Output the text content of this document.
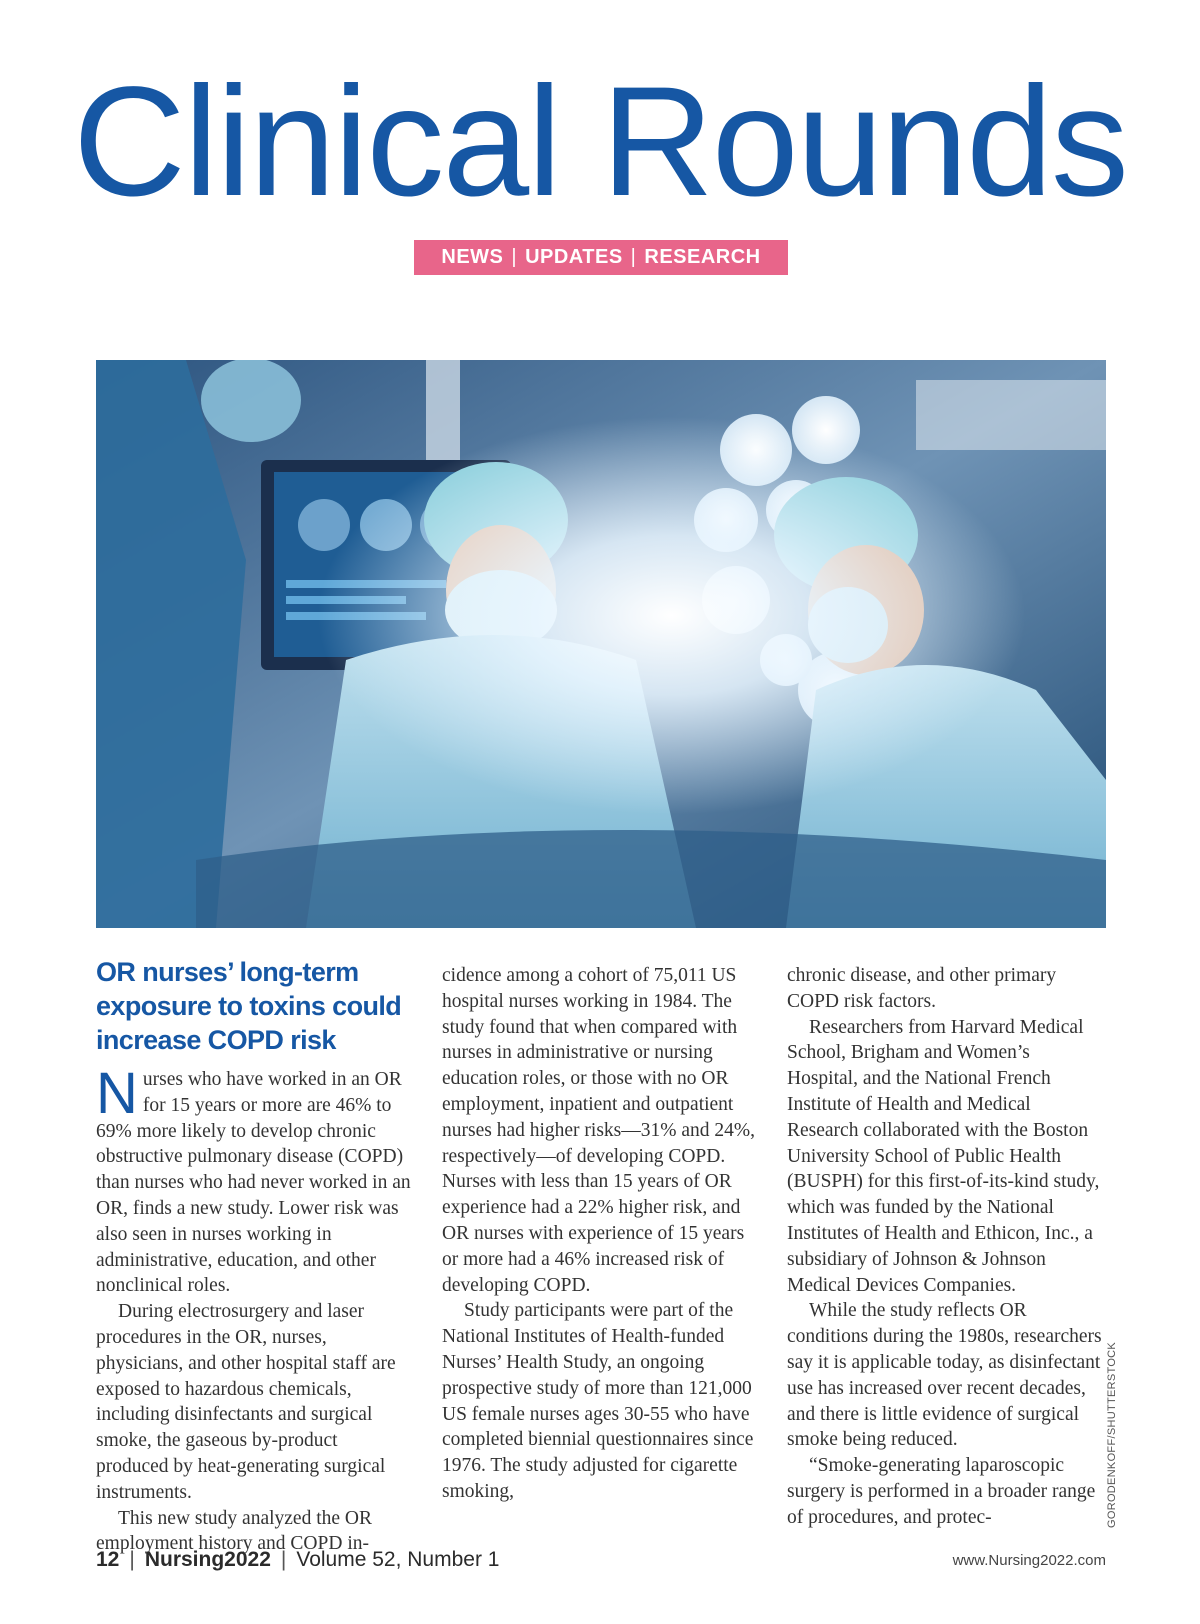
Clinical Rounds
NEWS | UPDATES | RESEARCH
OR nurses’ long-term exposure to toxins could increase COPD risk

Nurses who have worked in an OR for 15 years or more are 46% to 69% more likely to develop chronic obstructive pulmonary disease (COPD) than nurses who had never worked in an OR, finds a new study. Lower risk was also seen in nurses working in administrative, education, and other nonclinical roles.

During electrosurgery and laser procedures in the OR, nurses, physicians, and other hospital staff are exposed to hazardous chemicals, including disinfectants and surgical smoke, the gaseous by-product produced by heat-generating surgical instruments.

This new study analyzed the OR employment history and COPD in-

cidence among a cohort of 75,011 US hospital nurses working in 1984. The study found that when compared with nurses in administrative or nursing education roles, or those with no OR employment, inpatient and outpatient nurses had higher risks—31% and 24%, respectively—of developing COPD. Nurses with less than 15 years of OR experience had a 22% higher risk, and OR nurses with experience of 15 years or more had a 46% increased risk of developing COPD.

Study participants were part of the National Institutes of Health-funded Nurses’ Health Study, an ongoing prospective study of more than 121,000 US female nurses ages 30-55 who have completed biennial questionnaires since 1976. The study adjusted for cigarette smoking,

chronic disease, and other primary COPD risk factors.

Researchers from Harvard Medical School, Brigham and Women’s Hospital, and the National French Institute of Health and Medical Research collaborated with the Boston University School of Public Health (BUSPH) for this first-of-its-kind study, which was funded by the National Institutes of Health and Ethicon, Inc., a subsidiary of Johnson & Johnson Medical Devices Companies.

While the study reflects OR conditions during the 1980s, researchers say it is applicable today, as disinfectant use has increased over recent decades, and there is little evidence of surgical smoke being reduced.

“Smoke-generating laparoscopic surgery is performed in a broader range of procedures, and protec-	GORODENKOFF/SHUTTERSTOCK
12 | Nursing2022 | Volume 52, Number 1	www.Nursing2022.com
